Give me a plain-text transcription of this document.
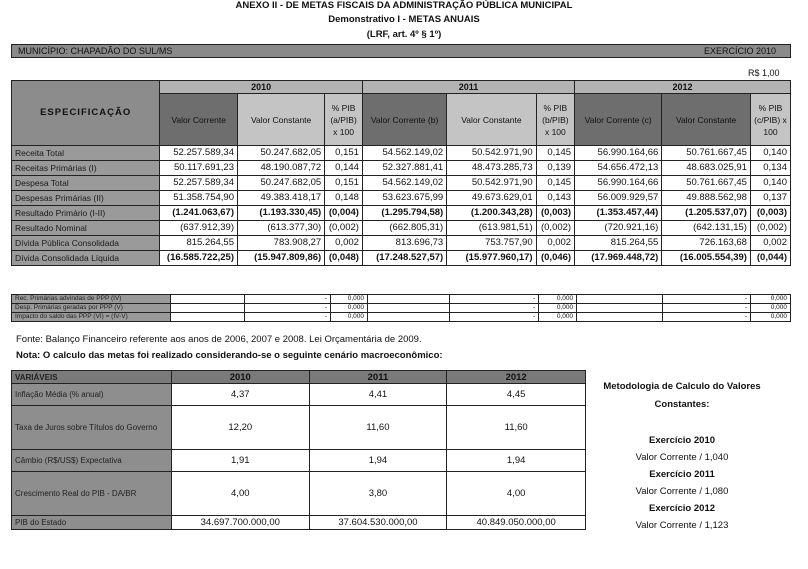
ANEXO II - DE METAS FISCAIS DA ADMINISTRAÇÃO PÚBLICA MUNICIPAL
Demonstrativo I - METAS ANUAIS
(LRF, art. 4º § 1º)
MUNICÍPIO: CHAPADÃO DO SUL/MS	EXERCÍCIO 2010
R$ 1,00
ESPECIFICAÇÃO	2010			2011			2012		
	Valor Corrente	Valor Constante	% PIB (a/PIB) x 100	Valor Corrente (b)	Valor Constante	% PIB (b/PIB) x 100	Valor Corrente (c)	Valor Constante	% PIB (c/PIB) x 100
Receita Total	52.257.589,34	50.247.682,05	0,151	54.562.149,02	50.542.971,90	0,145	56.990.164,66	50.761.667,45	0,140
Receitas Primárias (I)	50.117.691,23	48.190.087,72	0,144	52.327.881,41	48.473.285,73	0,139	54.656.472,13	48.683.025,91	0,134
Despesa Total	52.257.589,34	50.247.682,05	0,151	54.562.149,02	50.542.971,90	0,145	56.990.164,66	50.761.667,45	0,140
Despesas Primárias (II)	51.358.754,90	49.383.418,17	0,148	53.623.675,99	49.673.629,01	0,143	56.009.929,57	49.888.562,98	0,137
Resultado Primário (I-II)	(1.241.063,67)	(1.193.330,45)	(0,004)	(1.295.794,58)	(1.200.343,28)	(0,003)	(1.353.457,44)	(1.205.537,07)	(0,003)
Resultado Nominal	(637.912,39)	(613.377,30)	(0,002)	(662.805,31)	(613.981,51)	(0,002)	(720.921,16)	(642.131,15)	(0,002)
Dívida Pública Consolidada	815.264,55	783.908,27	0,002	813.696,73	753.757,90	0,002	815.264,55	726.163,68	0,002
Dívida Consolidada Líquida	(16.585.722,25)	(15.947.809,86)	(0,048)	(17.248.527,57)	(15.977.960,17)	(0,046)	(17.969.448,72)	(16.005.554,39)	(0,044)
Rec. Primárias advindas de PPP (IV)		-	0,000		-	0,000		-	0,000
Desp. Primárias geradas por PPP (V)		-	0,000		-	0,000		-	0,000
Impacto do saldo das PPP (VI) = (IV-V)		-	0,000		-	0,000		-	0,000
Fonte: Balanço Financeiro referente aos anos de 2006, 2007 e 2008. Lei Orçamentária de 2009.
Nota: O calculo das metas foi realizado considerando-se o seguinte cenário macroeconômico:
VARIÁVEIS	2010	2011	2012
Inflação Média (% anual)	4,37	4,41	4,45
Taxa de Juros sobre Títulos do Governo	12,20	11,60	11,60
Câmbio (R$/US$) Expectativa	1,91	1,94	1,94
Crescimento Real do PIB - DA/BR	4,00	3,80	4,00
PIB do Estado	34.697.700.000,00	37.604.530.000,00	40.849.050.000,00
Metodologia de Calculo do Valores Constantes:
Exercício 2010
Valor Corrente / 1,040
Exercício 2011
Valor Corrente / 1,080
Exercício 2012
Valor Corrente / 1,123
